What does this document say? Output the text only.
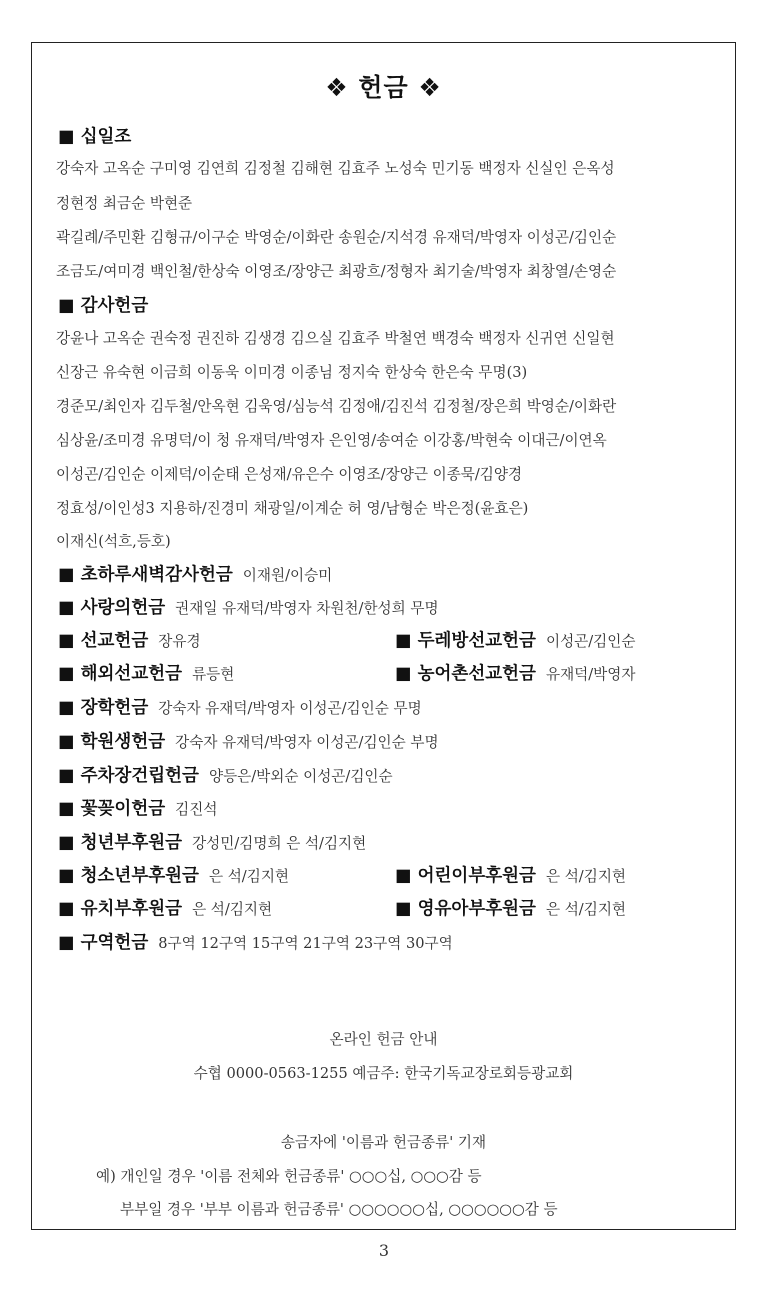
❖ 헌금 ❖
■ 십일조
강숙자 고옥순 구미영 김연희 김정철 김해현 김효주 노성숙 민기동 백정자 신실인 은옥성
정현정 최금순 박현준
곽길례/주민환 김형규/이구순 박영순/이화란 송원순/지석경 유재덕/박영자 이성곤/김인순
조금도/여미경 백인철/한상숙 이영조/장양근 최광흐/정형자 최기술/박영자 최창열/손영순
■ 감사헌금
강윤나 고옥순 권숙정 권진하 김생경 김으실 김효주 박철연 백경숙 백정자 신귀연 신일현
신장근 유숙현 이금희 이동욱 이미경 이종님 정지숙 한상숙 한은숙 무명(3)
경준모/최인자 김두철/안옥현 김욱영/심능석 김정애/김진석 김정철/장은희 박영순/이화란
심상윤/조미경 유명덕/이 청 유재덕/박영자 은인영/송여순 이강홍/박현숙 이대근/이연옥
이성곤/김인순 이제덕/이순태 은성재/유은수 이영조/장양근 이종묵/김양경
정효성/이인성3 지용하/진경미 채광일/이계순 허 영/남형순 박은정(윤효은)
이재신(석흐,등호)
■ 초하루새벽감사헌금 이재원/이승미
■ 사랑의헌금 권재일 유재덕/박영자 차원천/한성희 무명
■ 선교헌금 장유경	■ 두레방선교헌금 이성곤/김인순
■ 해외선교헌금 류등현	■ 농어촌선교헌금 유재덕/박영자
■ 장학헌금 강숙자 유재덕/박영자 이성곤/김인순 무명
■ 학원생헌금 강숙자 유재덕/박영자 이성곤/김인순 부명
■ 주차장건립헌금 양등은/박외순 이성곤/김인순
■ 꽃꽂이헌금 김진석
■ 청년부후원금 강성민/김명희 은 석/김지현
■ 청소년부후원금 은 석/김지현	■ 어린이부후원금 은 석/김지현
■ 유치부후원금 은 석/김지현	■ 영유아부후원금 은 석/김지현
■ 구역헌금 8구역 12구역 15구역 21구역 23구역 30구역
온라인 헌금 안내
수협 0000-0563-1255 예금주: 한국기독교장로회등광교회
송금자에 '이름과 헌금종류' 기재
예) 개인일 경우 '이름 전체와 헌금종류' ○○○십, ○○○감 등
부부일 경우 '부부 이름과 헌금종류' ○○○○○○십, ○○○○○○감 등
3
